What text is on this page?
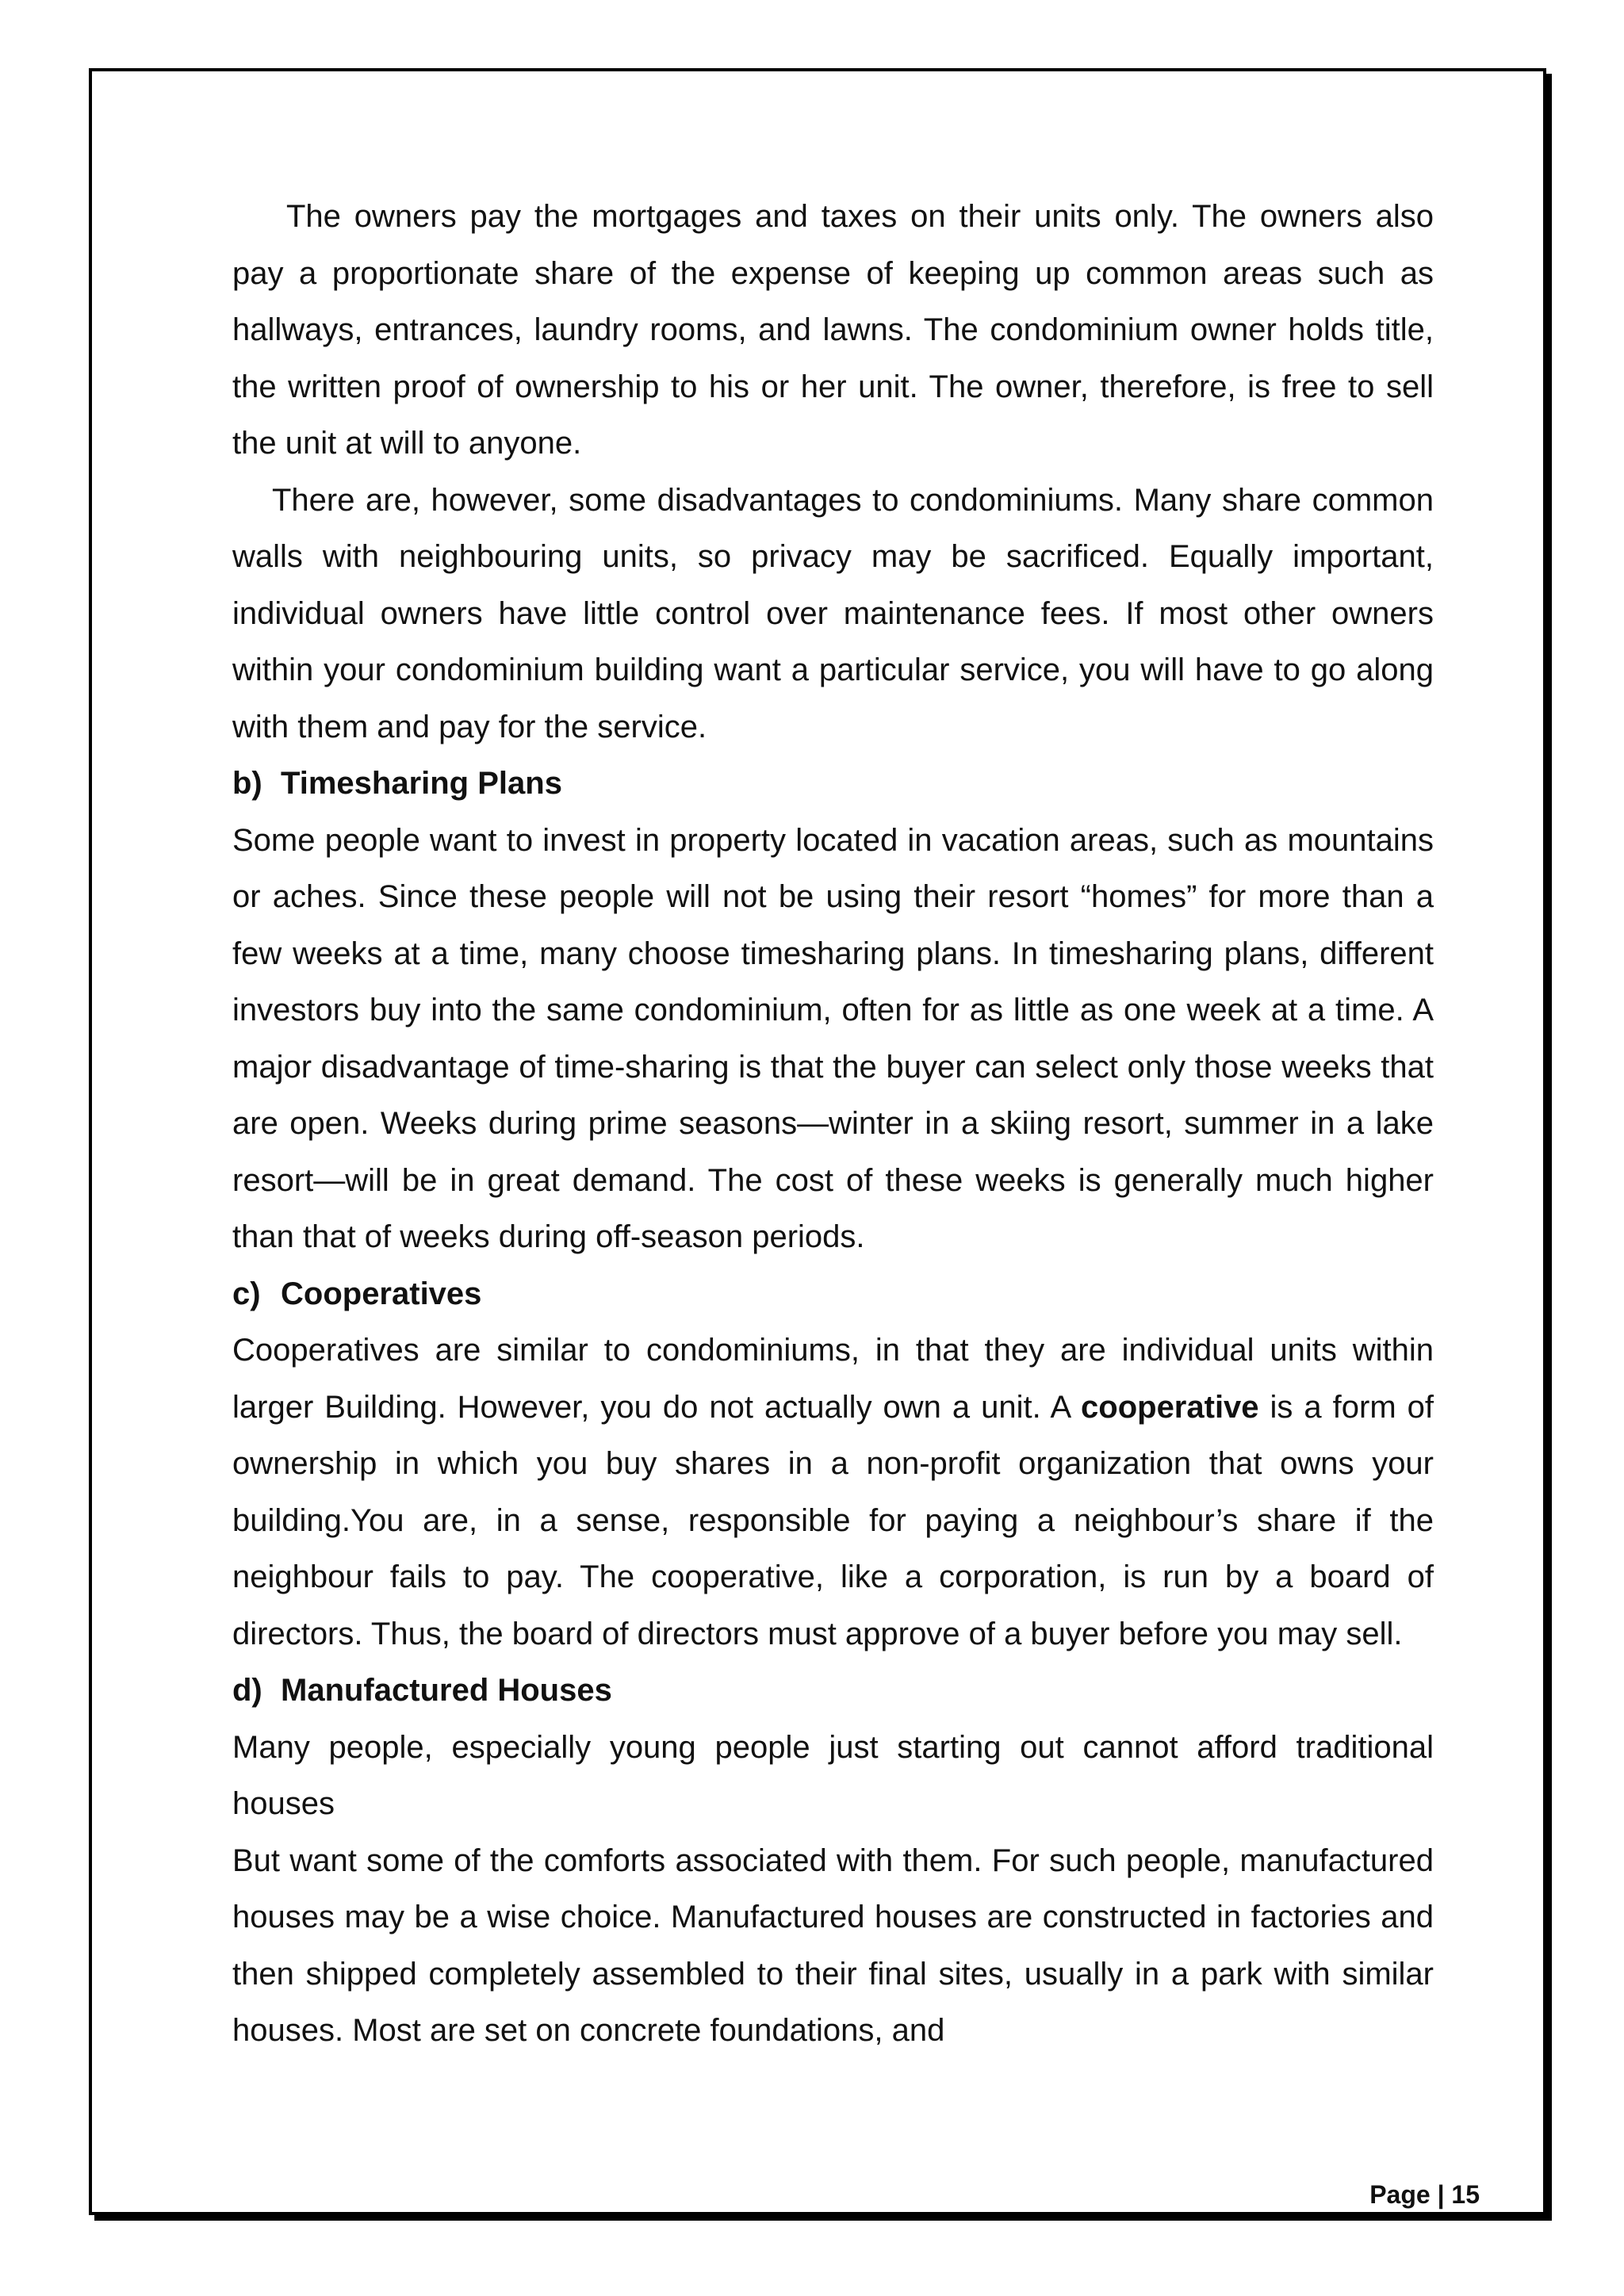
The owners pay the mortgages and taxes on their units only. The owners also pay a proportionate share of the expense of keeping up common areas such as hallways, entrances, laundry rooms, and lawns. The condominium owner holds title, the written proof of ownership to his or her unit. The owner, therefore, is free to sell the unit at will to anyone.

There are, however, some disadvantages to condominiums. Many share common walls with neighbouring units, so privacy may be sacrificed. Equally important, individual owners have little control over maintenance fees. If most other owners within your condominium building want a particular service, you will have to go along with them and pay for the service.

b) Timesharing Plans

Some people want to invest in property located in vacation areas, such as mountains or aches. Since these people will not be using their resort “homes” for more than a few weeks at a time, many choose timesharing plans. In timesharing plans, different investors buy into the same condominium, often for as little as one week at a time. A major disadvantage of time-sharing is that the buyer can select only those weeks that are open. Weeks during prime seasons—winter in a skiing resort, summer in a lake resort—will be in great demand. The cost of these weeks is generally much higher than that of weeks during off-season periods.

c) Cooperatives

Cooperatives are similar to condominiums, in that they are individual units within larger Building. However, you do not actually own a unit. A cooperative is a form of ownership in which you buy shares in a non-profit organization that owns your building.You are, in a sense, responsible for paying a neighbour’s share if the neighbour fails to pay. The cooperative, like a corporation, is run by a board of directors. Thus, the board of directors must approve of a buyer before you may sell.

d) Manufactured Houses

Many people, especially young people just starting out cannot afford traditional houses

But want some of the comforts associated with them. For such people, manufactured houses may be a wise choice. Manufactured houses are constructed in factories and then shipped completely assembled to their final sites, usually in a park with similar houses. Most are set on concrete foundations, and

Page | 15
